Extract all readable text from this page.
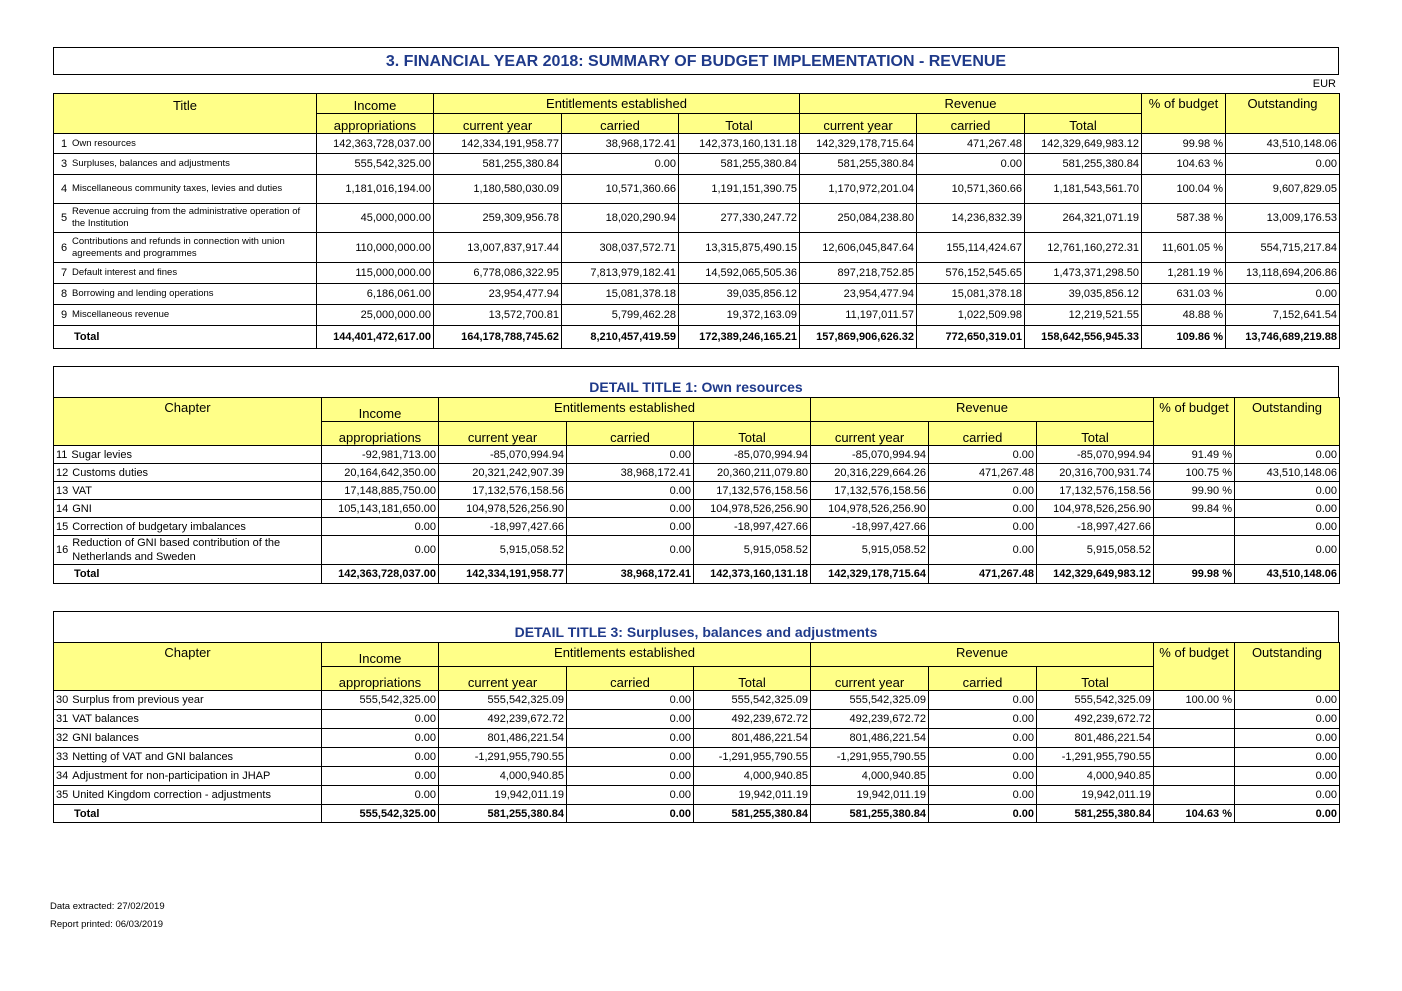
3. FINANCIAL YEAR 2018: SUMMARY OF BUDGET IMPLEMENTATION - REVENUE
EUR
Title	Income	Entitlements established			Revenue			% of budget	Outstanding
	appropriations	current year	carried	Total	current year	carried	Total		

1 Own resources	142,363,728,037.00	142,334,191,958.77	38,968,172.41	142,373,160,131.18	142,329,178,715.64	471,267.48	142,329,649,983.12	99.98 %	43,510,148.06

3 Surpluses, balances and adjustments	555,542,325.00	581,255,380.84	0.00	581,255,380.84	581,255,380.84	0.00	581,255,380.84	104.63 %	0.00

4 Miscellaneous community taxes, levies and duties	1,181,016,194.00	1,180,580,030.09	10,571,360.66	1,191,151,390.75	1,170,972,201.04	10,571,360.66	1,181,543,561.70	100.04 %	9,607,829.05

5
Revenue accruing from the administrative operation of the Institution	45,000,000.00	259,309,956.78	18,020,290.94	277,330,247.72	250,084,238.80	14,236,832.39	264,321,071.19	587.38 %	13,009,176.53

6
Contributions and refunds in connection with union agreements and programmes	110,000,000.00	13,007,837,917.44	308,037,572.71	13,315,875,490.15	12,606,045,847.64	155,114,424.67	12,761,160,272.31	11,601.05 %	554,715,217.84

7 Default interest and fines	115,000,000.00	6,778,086,322.95	7,813,979,182.41	14,592,065,505.36	897,218,752.85	576,152,545.65	1,473,371,298.50	1,281.19 %	13,118,694,206.86

8 Borrowing and lending operations	6,186,061.00	23,954,477.94	15,081,378.18	39,035,856.12	23,954,477.94	15,081,378.18	39,035,856.12	631.03 %	0.00

9 Miscellaneous revenue	25,000,000.00	13,572,700.81	5,799,462.28	19,372,163.09	11,197,011.57	1,022,509.98	12,219,521.55	48.88 %	7,152,641.54
Total	144,401,472,617.00	164,178,788,745.62	8,210,457,419.59	172,389,246,165.21	157,869,906,626.32	772,650,319.01	158,642,556,945.33	109.86 %	13,746,689,219.88
DETAIL TITLE 1: Own resources
Chapter	Income	Entitlements established			Revenue			% of budget	Outstanding
	appropriations	current year	carried	Total	current year	carried	Total		

11 Sugar levies	-92,981,713.00	-85,070,994.94	0.00	-85,070,994.94	-85,070,994.94	0.00	-85,070,994.94	91.49 %	0.00

12 Customs duties	20,164,642,350.00	20,321,242,907.39	38,968,172.41	20,360,211,079.80	20,316,229,664.26	471,267.48	20,316,700,931.74	100.75 %	43,510,148.06

13 VAT	17,148,885,750.00	17,132,576,158.56	0.00	17,132,576,158.56	17,132,576,158.56	0.00	17,132,576,158.56	99.90 %	0.00

14 GNI	105,143,181,650.00	104,978,526,256.90	0.00	104,978,526,256.90	104,978,526,256.90	0.00	104,978,526,256.90	99.84 %	0.00

15 Correction of budgetary imbalances	0.00	-18,997,427.66	0.00	-18,997,427.66	-18,997,427.66	0.00	-18,997,427.66		0.00

16
Reduction of GNI based contribution of the Netherlands and Sweden	0.00	5,915,058.52	0.00	5,915,058.52	5,915,058.52	0.00	5,915,058.52		0.00
Total	142,363,728,037.00	142,334,191,958.77	38,968,172.41	142,373,160,131.18	142,329,178,715.64	471,267.48	142,329,649,983.12	99.98 %	43,510,148.06
DETAIL TITLE 3: Surpluses, balances and adjustments
Chapter	Income	Entitlements established			Revenue			% of budget	Outstanding
	appropriations	current year	carried	Total	current year	carried	Total		

30 Surplus from previous year	555,542,325.00	555,542,325.09	0.00	555,542,325.09	555,542,325.09	0.00	555,542,325.09	100.00 %	0.00

31 VAT balances	0.00	492,239,672.72	0.00	492,239,672.72	492,239,672.72	0.00	492,239,672.72		0.00

32 GNI balances	0.00	801,486,221.54	0.00	801,486,221.54	801,486,221.54	0.00	801,486,221.54		0.00

33 Netting of VAT and GNI balances	0.00	-1,291,955,790.55	0.00	-1,291,955,790.55	-1,291,955,790.55	0.00	-1,291,955,790.55		0.00

34 Adjustment for non-participation in JHAP	0.00	4,000,940.85	0.00	4,000,940.85	4,000,940.85	0.00	4,000,940.85		0.00

35 United Kingdom correction - adjustments	0.00	19,942,011.19	0.00	19,942,011.19	19,942,011.19	0.00	19,942,011.19		0.00
Total	555,542,325.00	581,255,380.84	0.00	581,255,380.84	581,255,380.84	0.00	581,255,380.84	104.63 %	0.00
Data extracted: 27/02/2019
Report printed: 06/03/2019
